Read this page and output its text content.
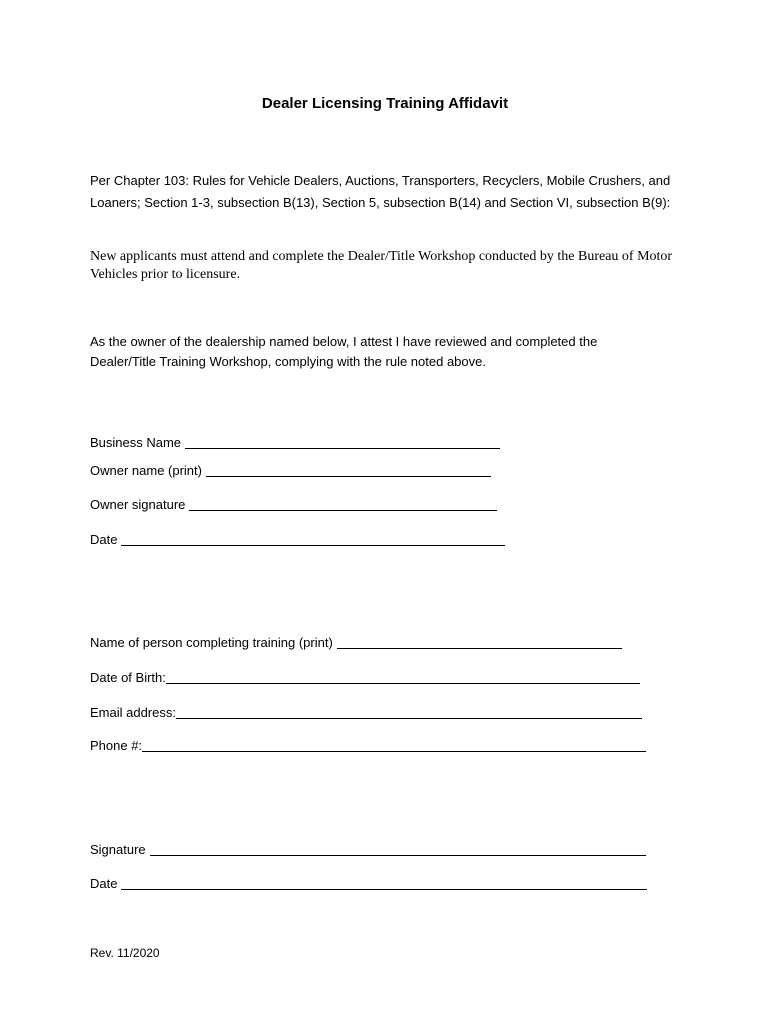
Dealer Licensing Training Affidavit
Per Chapter 103: Rules for Vehicle Dealers, Auctions, Transporters, Recyclers, Mobile Crushers, and Loaners; Section 1-3, subsection B(13), Section 5, subsection B(14) and Section VI, subsection B(9):
New applicants must attend and complete the Dealer/Title Workshop conducted by the Bureau of Motor Vehicles prior to licensure.
As the owner of the dealership named below, I attest I have reviewed and completed the Dealer/Title Training Workshop, complying with the rule noted above.
Business Name
Owner name (print)
Owner signature
Date
Name of person completing training (print)
Date of Birth:
Email address:
Phone #:
Signature
Date
Rev. 11/2020
